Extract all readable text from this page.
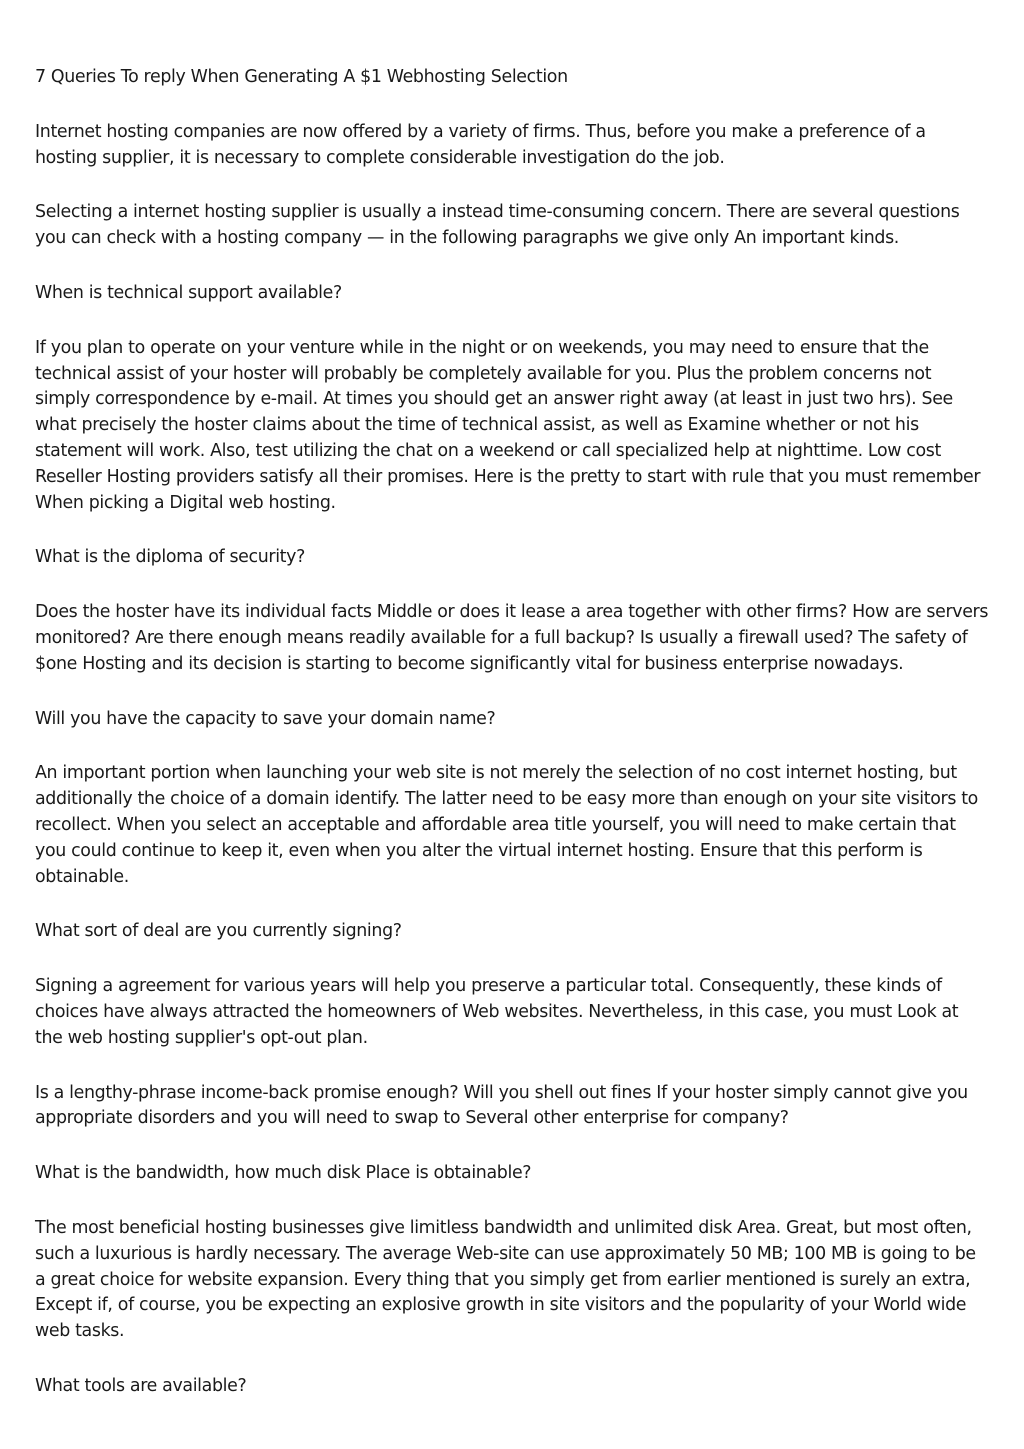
7 Queries To reply When Generating A $1 Webhosting Selection

Internet hosting companies are now offered by a variety of firms. Thus, before you make a preference of a hosting supplier, it is necessary to complete considerable investigation do the job.

Selecting a internet hosting supplier is usually a instead time-consuming concern. There are several questions you can check with a hosting company — in the following paragraphs we give only An important kinds.

When is technical support available?

If you plan to operate on your venture while in the night or on weekends, you may need to ensure that the technical assist of your hoster will probably be completely available for you. Plus the problem concerns not simply correspondence by e-mail. At times you should get an answer right away (at least in just two hrs). See what precisely the hoster claims about the time of technical assist, as well as Examine whether or not his statement will work. Also, test utilizing the chat on a weekend or call specialized help at nighttime. Low cost Reseller Hosting providers satisfy all their promises. Here is the pretty to start with rule that you must remember When picking a Digital web hosting.

What is the diploma of security?

Does the hoster have its individual facts Middle or does it lease a area together with other firms? How are servers monitored? Are there enough means readily available for a full backup? Is usually a firewall used? The safety of $one Hosting and its decision is starting to become significantly vital for business enterprise nowadays.

Will you have the capacity to save your domain name?

An important portion when launching your web site is not merely the selection of no cost internet hosting, but additionally the choice of a domain identify. The latter need to be easy more than enough on your site visitors to recollect. When you select an acceptable and affordable area title yourself, you will need to make certain that you could continue to keep it, even when you alter the virtual internet hosting. Ensure that this perform is obtainable.

What sort of deal are you currently signing?

Signing a agreement for various years will help you preserve a particular total. Consequently, these kinds of choices have always attracted the homeowners of Web websites. Nevertheless, in this case, you must Look at the web hosting supplier's opt-out plan.

Is a lengthy-phrase income-back promise enough? Will you shell out fines If your hoster simply cannot give you appropriate disorders and you will need to swap to Several other enterprise for company?

What is the bandwidth, how much disk Place is obtainable?

The most beneficial hosting businesses give limitless bandwidth and unlimited disk Area. Great, but most often, such a luxurious is hardly necessary. The average Web-site can use approximately 50 MB; 100 MB is going to be a great choice for website expansion. Every thing that you simply get from earlier mentioned is surely an extra, Except if, of course, you be expecting an explosive growth in site visitors and the popularity of your World wide web tasks.

What tools are available?
